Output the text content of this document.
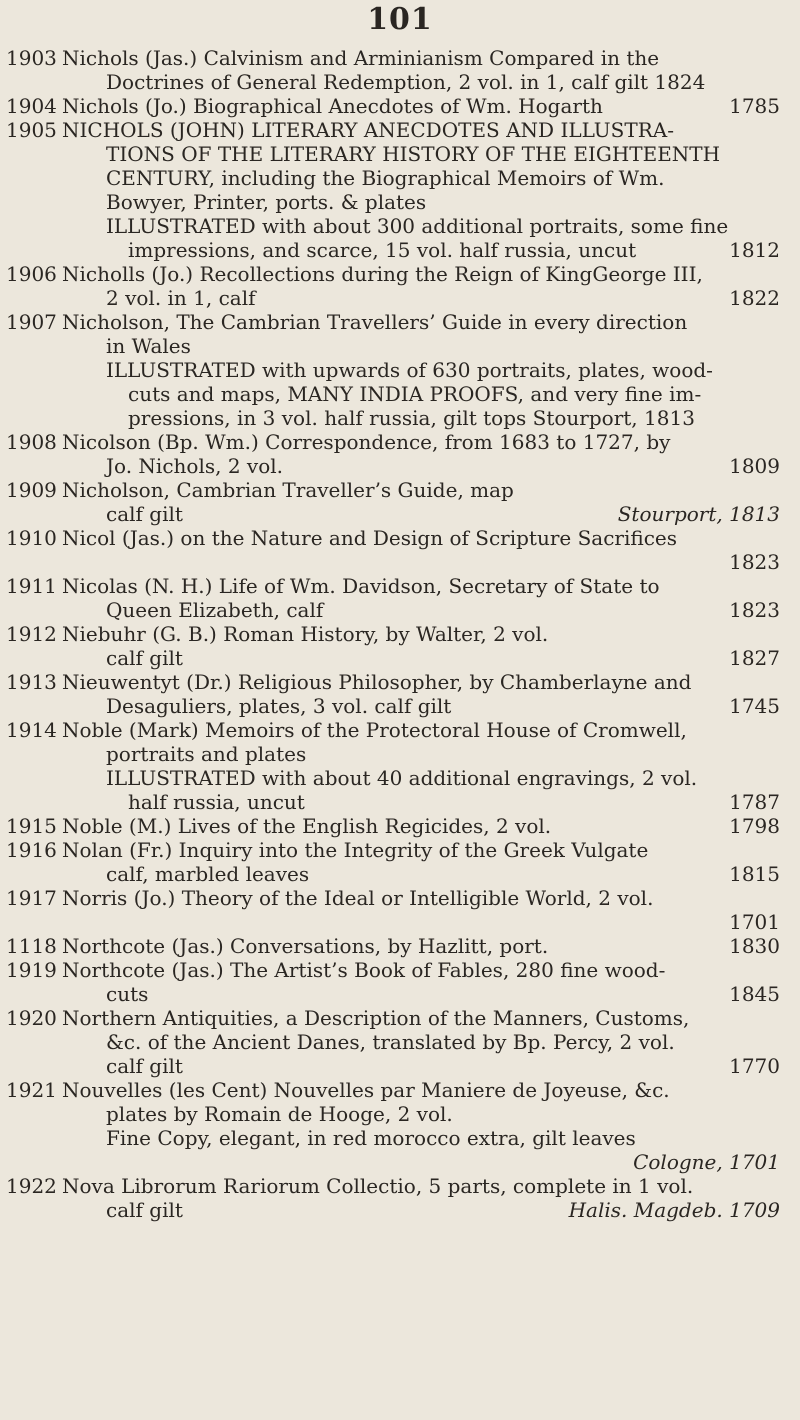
101
1903 Nichols (Jas.) Calvinism and Arminianism Compared in the
Doctrines of General Redemption, 2 vol. in 1, calf gilt 1824
1904 Nichols (Jo.) Biographical Anecdotes of Wm. Hogarth	1785
1905 NICHOLS (JOHN) LITERARY ANECDOTES AND ILLUSTRA-
TIONS OF THE LITERARY HISTORY OF THE EIGHTEENTH
CENTURY, including the Biographical Memoirs of Wm.
Bowyer, Printer, ports. & plates
ILLUSTRATED with about 300 additional portraits, some fine
impressions, and scarce, 15 vol. half russia, uncut	1812
1906 Nicholls (Jo.) Recollections during the Reign of KingGeorge III,
2 vol. in 1, calf	1822
1907 Nicholson, The Cambrian Travellers’ Guide in every direction
in Wales
ILLUSTRATED with upwards of 630 portraits, plates, wood-
cuts and maps, MANY INDIA PROOFS, and very fine im-
pressions, in 3 vol. half russia, gilt tops Stourport, 1813
1908 Nicolson (Bp. Wm.) Correspondence, from 1683 to 1727, by
Jo. Nichols, 2 vol.	1809
1909 Nicholson, Cambrian Traveller’s Guide, map
calf gilt	Stourport, 1813
1910 Nicol (Jas.) on the Nature and Design of Scripture Sacrifices
1823
1911 Nicolas (N. H.) Life of Wm. Davidson, Secretary of State to
Queen Elizabeth, calf	1823
1912 Niebuhr (G. B.) Roman History, by Walter, 2 vol.
calf gilt	1827
1913 Nieuwentyt (Dr.) Religious Philosopher, by Chamberlayne and
Desaguliers, plates, 3 vol. calf gilt	1745
1914 Noble (Mark) Memoirs of the Protectoral House of Cromwell,
portraits and plates
ILLUSTRATED with about 40 additional engravings, 2 vol.
half russia, uncut	1787
1915 Noble (M.) Lives of the English Regicides, 2 vol.	1798
1916 Nolan (Fr.) Inquiry into the Integrity of the Greek Vulgate
calf, marbled leaves	1815
1917 Norris (Jo.) Theory of the Ideal or Intelligible World, 2 vol.
1701
1118 Northcote (Jas.) Conversations, by Hazlitt, port.	1830
1919 Northcote (Jas.) The Artist’s Book of Fables, 280 fine wood-
cuts	1845
1920 Northern Antiquities, a Description of the Manners, Customs,
&c. of the Ancient Danes, translated by Bp. Percy, 2 vol.
calf gilt	1770
1921 Nouvelles (les Cent) Nouvelles par Maniere de Joyeuse, &c.
plates by Romain de Hooge, 2 vol.
Fine Copy, elegant, in red morocco extra, gilt leaves
Cologne, 1701
1922 Nova Librorum Rariorum Collectio, 5 parts, complete in 1 vol.
calf gilt	Halis. Magdeb. 1709
